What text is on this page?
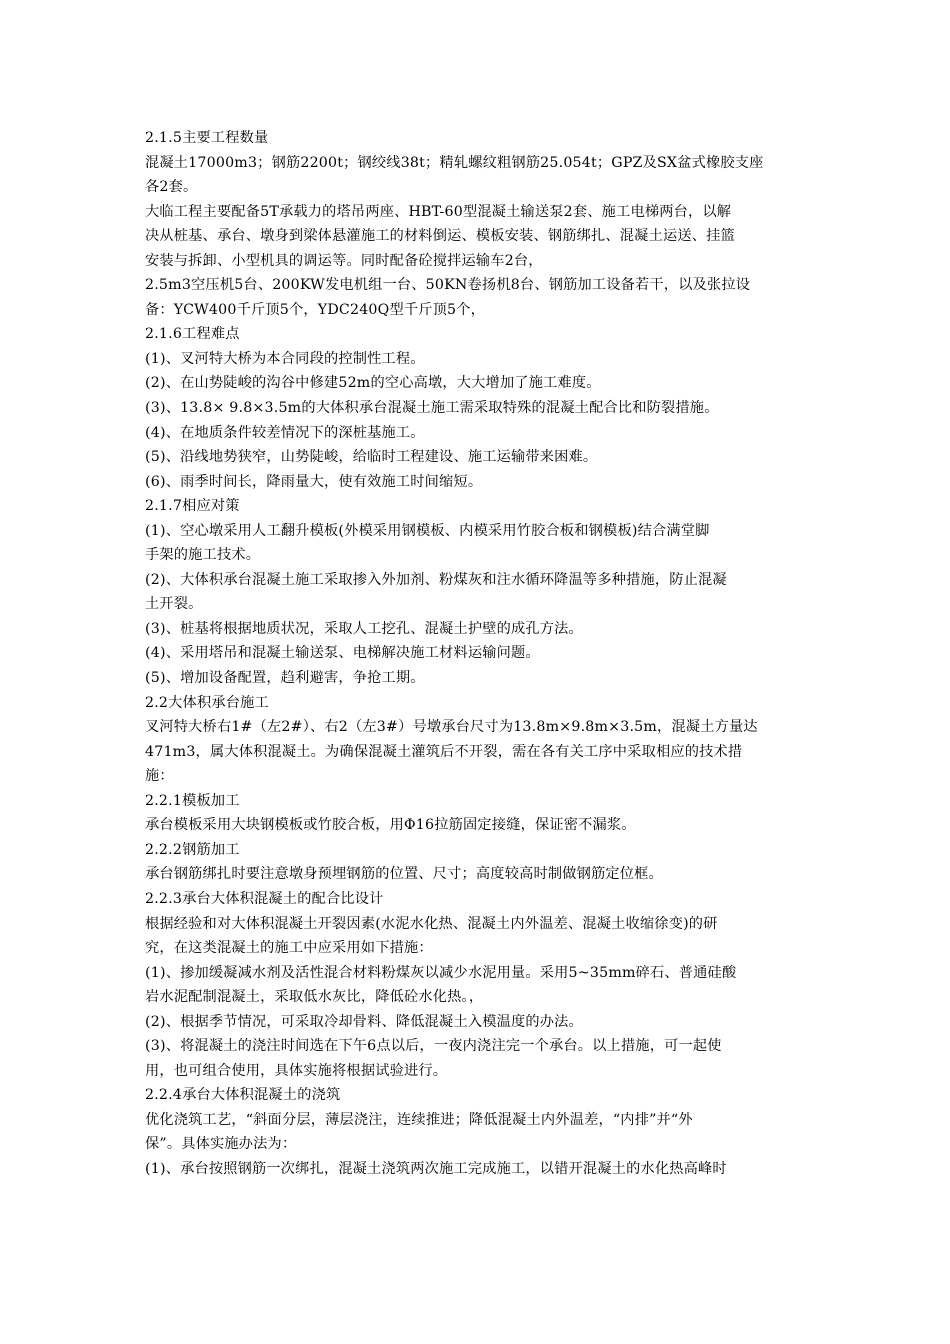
2.1.5主要工程数量
混凝土17000m3；钢筋2200t；钢绞线38t；精轧螺纹粗钢筋25.054t；GPZ及SX盆式橡胶支座
各2套。
大临工程主要配备5T承载力的塔吊两座、HBT-60型混凝土输送泵2套、施工电梯两台，以解
决从桩基、承台、墩身到梁体悬灌施工的材料倒运、模板安装、钢筋绑扎、混凝土运送、挂篮
安装与拆卸、小型机具的调运等。同时配备砼搅拌运输车2台，
2.5m3空压机5台、200KW发电机组一台、50KN卷扬机8台、钢筋加工设备若干，以及张拉设
备：YCW400千斤顶5个，YDC240Q型千斤顶5个，
2.1.6工程难点
(1)、叉河特大桥为本合同段的控制性工程。
(2)、在山势陡峻的沟谷中修建52m的空心高墩，大大增加了施工难度。
(3)、13.8× 9.8×3.5m的大体积承台混凝土施工需采取特殊的混凝土配合比和防裂措施。
(4)、在地质条件较差情况下的深桩基施工。
(5)、沿线地势狭窄，山势陡峻，给临时工程建设、施工运输带来困难。
(6)、雨季时间长，降雨量大，使有效施工时间缩短。
2.1.7相应对策
(1)、空心墩采用人工翻升模板(外模采用钢模板、内模采用竹胶合板和钢模板)结合满堂脚
手架的施工技术。
(2)、大体积承台混凝土施工采取掺入外加剂、粉煤灰和注水循环降温等多种措施，防止混凝
土开裂。
(3)、桩基将根据地质状况，采取人工挖孔、混凝土护壁的成孔方法。
(4)、采用塔吊和混凝土输送泵、电梯解决施工材料运输问题。
(5)、增加设备配置，趋利避害，争抢工期。
2.2大体积承台施工
叉河特大桥右1#（左2#）、右2（左3#）号墩承台尺寸为13.8m×9.8m×3.5m，混凝土方量达
471m3，属大体积混凝土。为确保混凝土灌筑后不开裂，需在各有关工序中采取相应的技术措
施：
2.2.1模板加工
承台模板采用大块钢模板或竹胶合板，用Φ16拉筋固定接缝，保证密不漏浆。
2.2.2钢筋加工
承台钢筋绑扎时要注意墩身预埋钢筋的位置、尺寸；高度较高时制做钢筋定位框。
2.2.3承台大体积混凝土的配合比设计
根据经验和对大体积混凝土开裂因素(水泥水化热、混凝土内外温差、混凝土收缩徐变)的研
究，在这类混凝土的施工中应采用如下措施：
(1)、掺加缓凝减水剂及活性混合材料粉煤灰以减少水泥用量。采用5~35mm碎石、普通硅酸
岩水泥配制混凝土，采取低水灰比，降低砼水化热。，
(2)、根据季节情况，可采取冷却骨料、降低混凝土入模温度的办法。
(3)、将混凝土的浇注时间选在下午6点以后，一夜内浇注完一个承台。以上措施，可一起使
用，也可组合使用，具体实施将根据试验进行。
2.2.4承台大体积混凝土的浇筑
优化浇筑工艺，“斜面分层，薄层浇注，连续推进；降低混凝土内外温差，“内排”并“外
保”。具体实施办法为：
(1)、承台按照钢筋一次绑扎，混凝土浇筑两次施工完成施工，以错开混凝土的水化热高峰时
